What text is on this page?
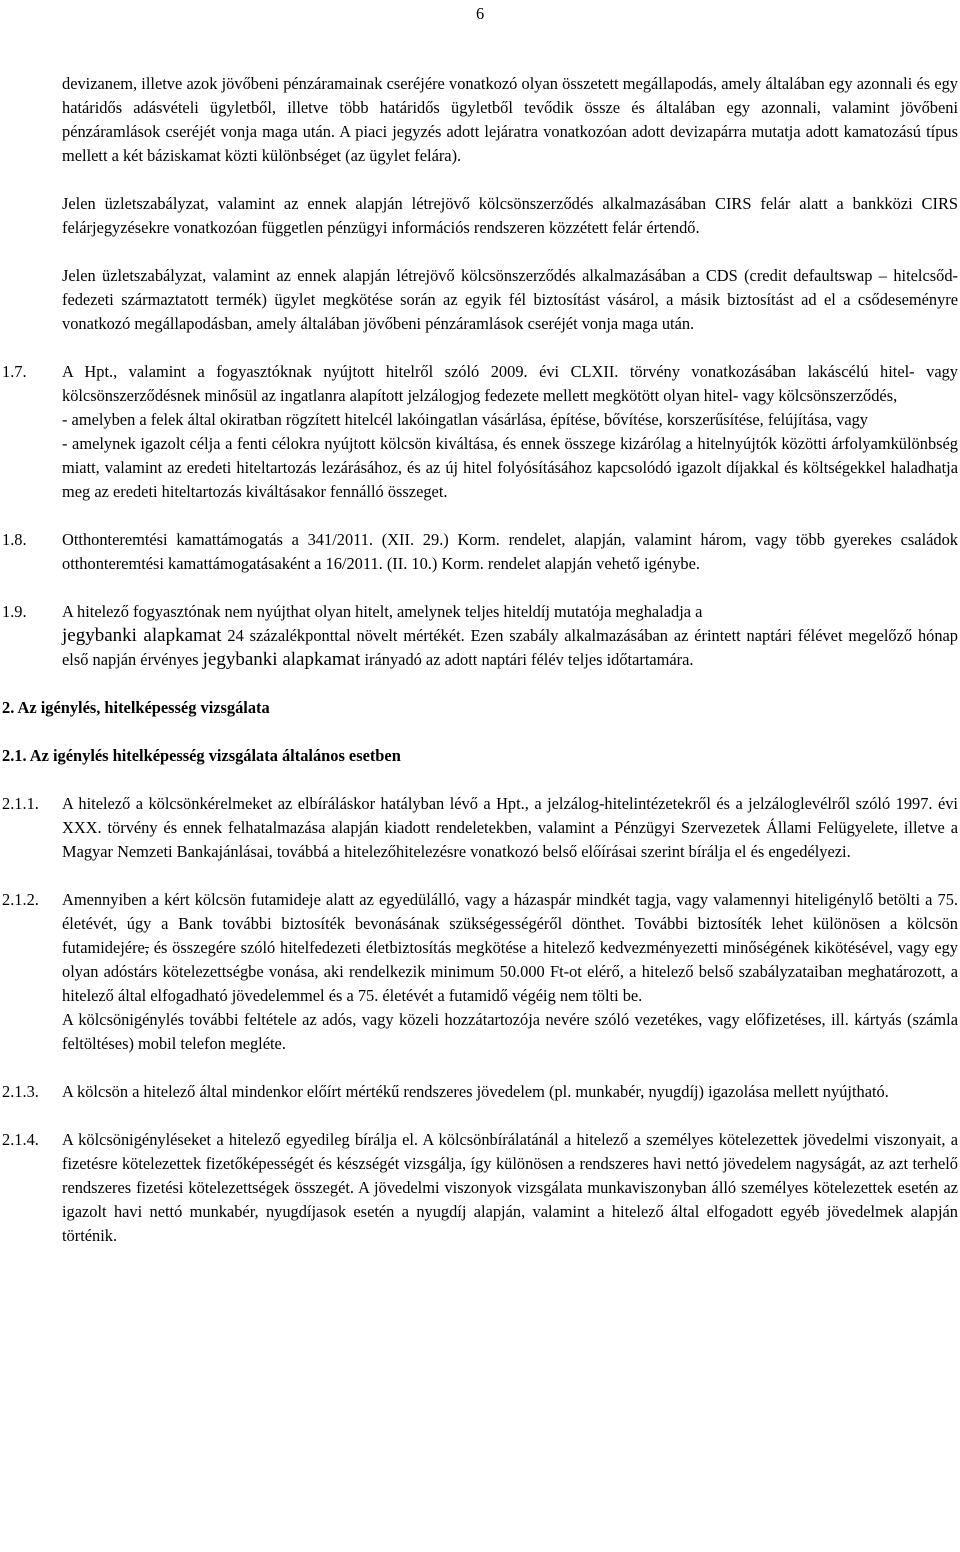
6

devizanem, illetve azok jövőbeni pénzáramainak cseréjére vonatkozó olyan összetett megállapodás, amely általában egy azonnali és egy határidős adásvételi ügyletből, illetve több határidős ügyletből tevődik össze és általában egy azonnali, valamint jövőbeni pénzáramlások cseréjét vonja maga után. A piaci jegyzés adott lejáratra vonatkozóan adott devizapárra mutatja adott kamatozású típus mellett a két báziskamat közti különbséget (az ügylet felára).

Jelen üzletszabályzat, valamint az ennek alapján létrejövő kölcsönszerződés alkalmazásában CIRS felár alatt a bankközi CIRS felárjegyzésekre vonatkozóan független pénzügyi információs rendszeren közzétett felár értendő.

Jelen üzletszabályzat, valamint az ennek alapján létrejövő kölcsönszerződés alkalmazásában a CDS (credit defaultswap – hitelcsőd-fedezeti származtatott termék) ügylet megkötése során az egyik fél biztosítást vásárol, a másik biztosítást ad el a csődeseményre vonatkozó megállapodásban, amely általában jövőbeni pénzáramlások cseréjét vonja maga után.

1.7. A Hpt., valamint a fogyasztóknak nyújtott hitelről szóló 2009. évi CLXII. törvény vonatkozásában lakáscélú hitel- vagy kölcsönszerződésnek minősül az ingatlanra alapított jelzálogjog fedezete mellett megkötött olyan hitel- vagy kölcsönszerződés,
- amelyben a felek által okiratban rögzített hitelcél lakóingatlan vásárlása, építése, bővítése, korszerűsítése, felújítása, vagy
- amelynek igazolt célja a fenti célokra nyújtott kölcsön kiváltása, és ennek összege kizárólag a hitelnyújtók közötti árfolyamkülönbség miatt, valamint az eredeti hiteltartozás lezárásához, és az új hitel folyósításához kapcsolódó igazolt díjakkal és költségekkel haladhatja meg az eredeti hiteltartozás kiváltásakor fennálló összeget.
1.8. Otthonteremtési kamattámogatás a 341/2011. (XII. 29.) Korm. rendelet, alapján, valamint három, vagy több gyerekes családok otthonteremtési kamattámogatásaként a 16/2011. (II. 10.) Korm. rendelet alapján vehető igénybe.
1.9. A hitelező fogyasztónak nem nyújthat olyan hitelt, amelynek teljes hiteldíj mutatója meghaladja a
jegybanki alapkamat 24 százalékponttal növelt mértékét. Ezen szabály alkalmazásában az érintett naptári félévet megelőző hónap első napján érvényes jegybanki alapkamat irányadó az adott naptári félév teljes időtartamára.
2. Az igénylés, hitelképesség vizsgálata
2.1. Az igénylés hitelképesség vizsgálata általános esetben
2.1.1. A hitelező a kölcsönkérelmeket az elbíráláskor hatályban lévő a Hpt., a jelzálog-hitelintézetekről és a jelzáloglevélről szóló 1997. évi XXX. törvény és ennek felhatalmazása alapján kiadott rendeletekben, valamint a Pénzügyi Szervezetek Állami Felügyelete, illetve a Magyar Nemzeti Bankajánlásai, továbbá a hitelezőhitelezésre vonatkozó belső előírásai szerint bírálja el és engedélyezi.
2.1.2. Amennyiben a kért kölcsön futamideje alatt az egyedülálló, vagy a házaspár mindkét tagja, vagy valamennyi hiteligénylő betölti a 75. életévét, úgy a Bank további biztosíték bevonásának szükségességéről dönthet. További biztosíték lehet különösen a kölcsön futamidejére, és összegére szóló hitelfedezeti életbiztosítás megkötése a hitelező kedvezményezetti minőségének kikötésével, vagy egy olyan adóstárs kötelezettségbe vonása, aki rendelkezik minimum 50.000 Ft-ot elérő, a hitelező belső szabályzataiban meghatározott, a hitelező által elfogadható jövedelemmel és a 75. életévét a futamidő végéig nem tölti be.
A kölcsönigénylés további feltétele az adós, vagy közeli hozzátartozója nevére szóló vezetékes, vagy előfizetéses, ill. kártyás (számla feltöltéses) mobil telefon megléte.
2.1.3. A kölcsön a hitelező által mindenkor előírt mértékű rendszeres jövedelem (pl. munkabér, nyugdíj) igazolása mellett nyújtható.
2.1.4. A kölcsönigényléseket a hitelező egyedileg bírálja el. A kölcsönbírálatánál a hitelező a személyes kötelezettek jövedelmi viszonyait, a fizetésre kötelezettek fizetőképességét és készségét vizsgálja, így különösen a rendszeres havi nettó jövedelem nagyságát, az azt terhelő rendszeres fizetési kötelezettségek összegét. A jövedelmi viszonyok vizsgálata munkaviszonyban álló személyes kötelezettek esetén az igazolt havi nettó munkabér, nyugdíjasok esetén a nyugdíj alapján, valamint a hitelező által elfogadott egyéb jövedelmek alapján történik.
